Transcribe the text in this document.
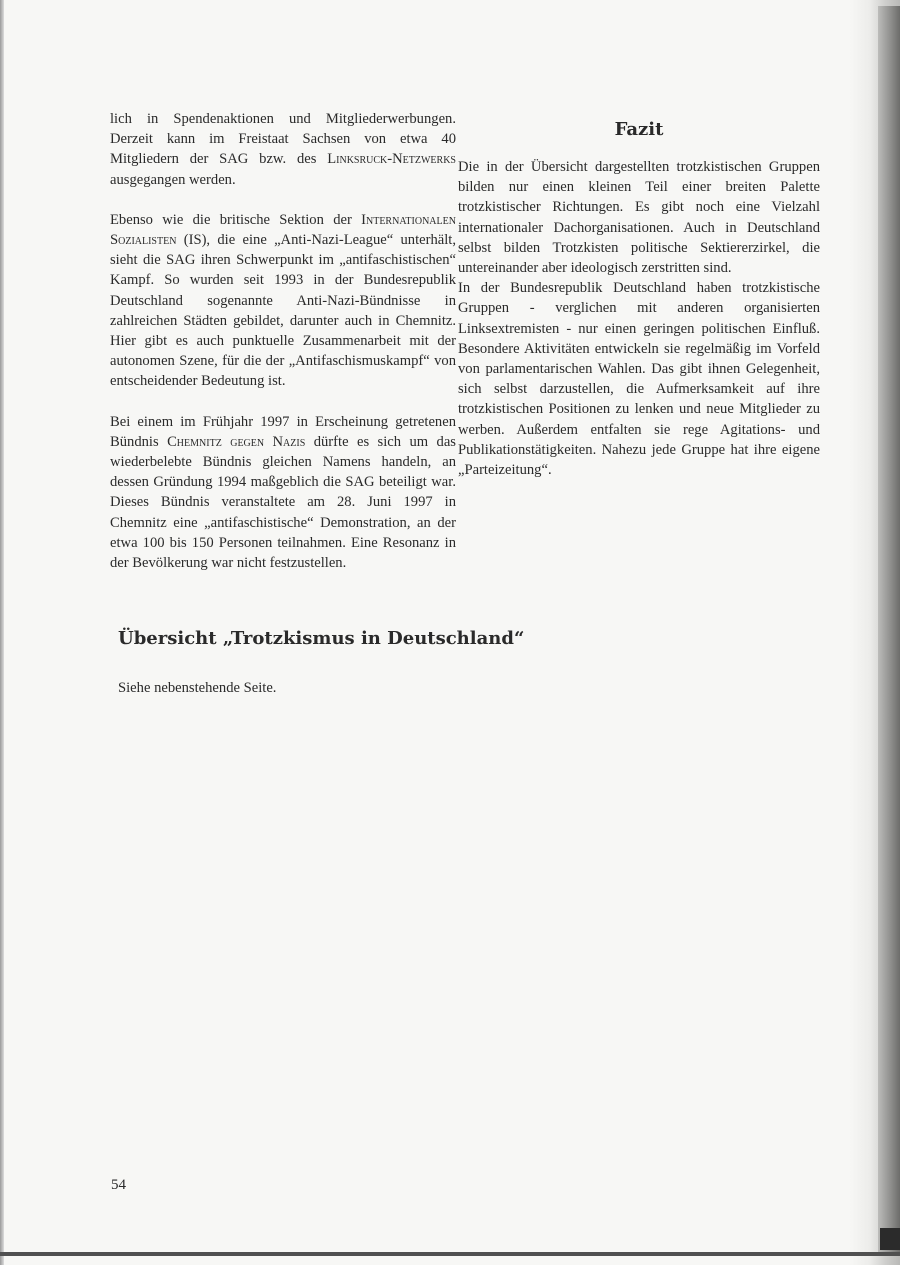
lich in Spendenaktionen und Mitgliederwerbungen. Derzeit kann im Freistaat Sachsen von etwa 40 Mitgliedern der SAG bzw. des Linksruck-Netzwerks ausgegangen werden.

Ebenso wie die britische Sektion der Internationalen Sozialisten (IS), die eine „Anti-Nazi-League“ unterhält, sieht die SAG ihren Schwerpunkt im „antifaschistischen“ Kampf. So wurden seit 1993 in der Bundesrepublik Deutschland sogenannte Anti-Nazi-Bündnisse in zahlreichen Städten gebildet, darunter auch in Chemnitz. Hier gibt es auch punktuelle Zusammenarbeit mit der autonomen Szene, für die der „Antifaschismuskampf“ von entscheidender Bedeutung ist.

Bei einem im Frühjahr 1997 in Erscheinung getretenen Bündnis Chemnitz gegen Nazis dürfte es sich um das wiederbelebte Bündnis gleichen Namens handeln, an dessen Gründung 1994 maßgeblich die SAG beteiligt war. Dieses Bündnis veranstaltete am 28. Juni 1997 in Chemnitz eine „antifaschistische“ Demonstration, an der etwa 100 bis 150 Personen teilnahmen. Eine Resonanz in der Bevölkerung war nicht festzustellen.

Fazit

Die in der Übersicht dargestellten trotzkistischen Gruppen bilden nur einen kleinen Teil einer breiten Palette trotzkistischer Richtungen. Es gibt noch eine Vielzahl internationaler Dachorganisationen. Auch in Deutschland selbst bilden Trotzkisten politische Sektiererzirkel, die untereinander aber ideologisch zerstritten sind.

In der Bundesrepublik Deutschland haben trotzkistische Gruppen - verglichen mit anderen organisierten Linksextremisten - nur einen geringen politischen Einfluß. Besondere Aktivitäten entwickeln sie regelmäßig im Vorfeld von parlamentarischen Wahlen. Das gibt ihnen Gelegenheit, sich selbst darzustellen, die Aufmerksamkeit auf ihre trotzkistischen Positionen zu lenken und neue Mitglieder zu werben. Außerdem entfalten sie rege Agitations- und Publikationstätigkeiten. Nahezu jede Gruppe hat ihre eigene „Parteizeitung“.

Übersicht „Trotzkismus in Deutschland“

Siehe nebenstehende Seite.

54
